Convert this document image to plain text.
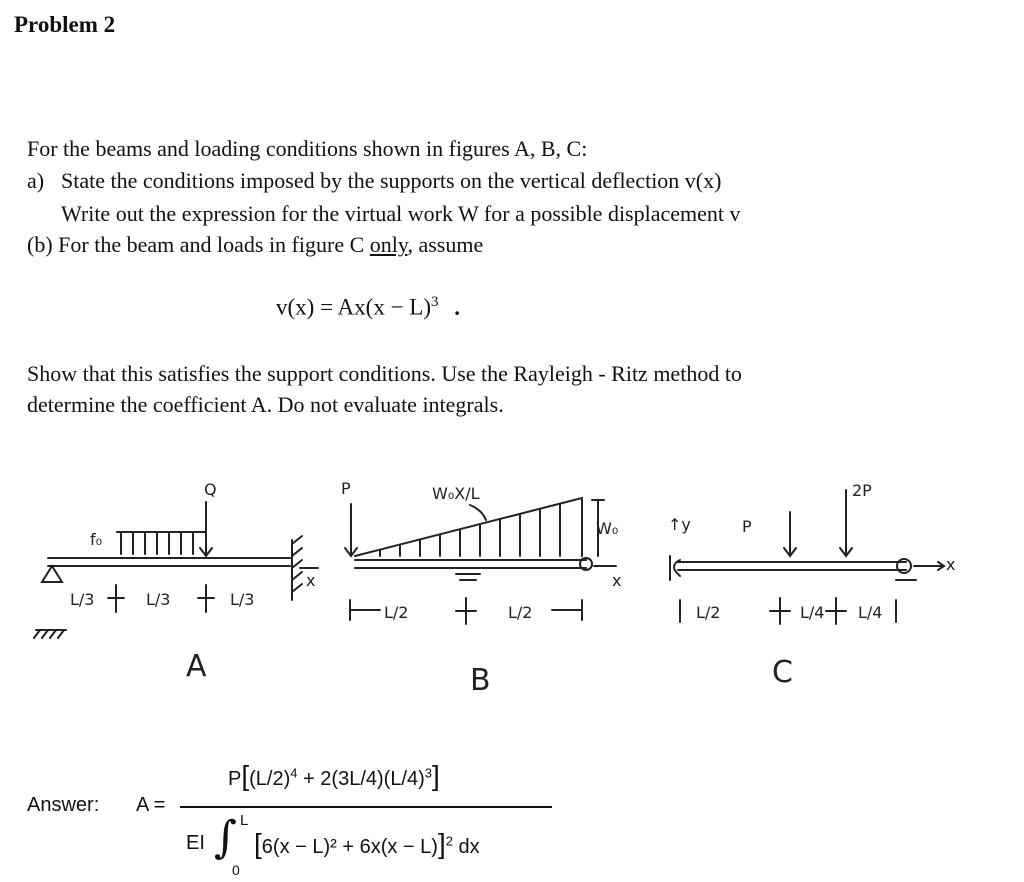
Problem 2
For the beams and loading conditions shown in figures A, B, C:
a) State the conditions imposed by the supports on the vertical deflection v(x)
Write out the expression for the virtual work W for a possible displacement v
(b) For the beam and loads in figure C only, assume
$v(x) = Ax(x - L)^3$ .
Show that this satisfies the support conditions. Use the Rayleigh - Ritz method to
determine the coefficient A. Do not evaluate integrals.
Q
f₀
L/3	L/3	L/3
x
A
P	W₀X/L
W₀
L/2	L/2
x
B
↑y	P
2P
L/2	L/4 L/4
x
C
Answer: A =
$P[(L/2)^4 + 2(3L/4)(L/4)^3]$
EI ∫ L
0
$[6(x - L)^2 + 6x(x - L)]^2$ dx
